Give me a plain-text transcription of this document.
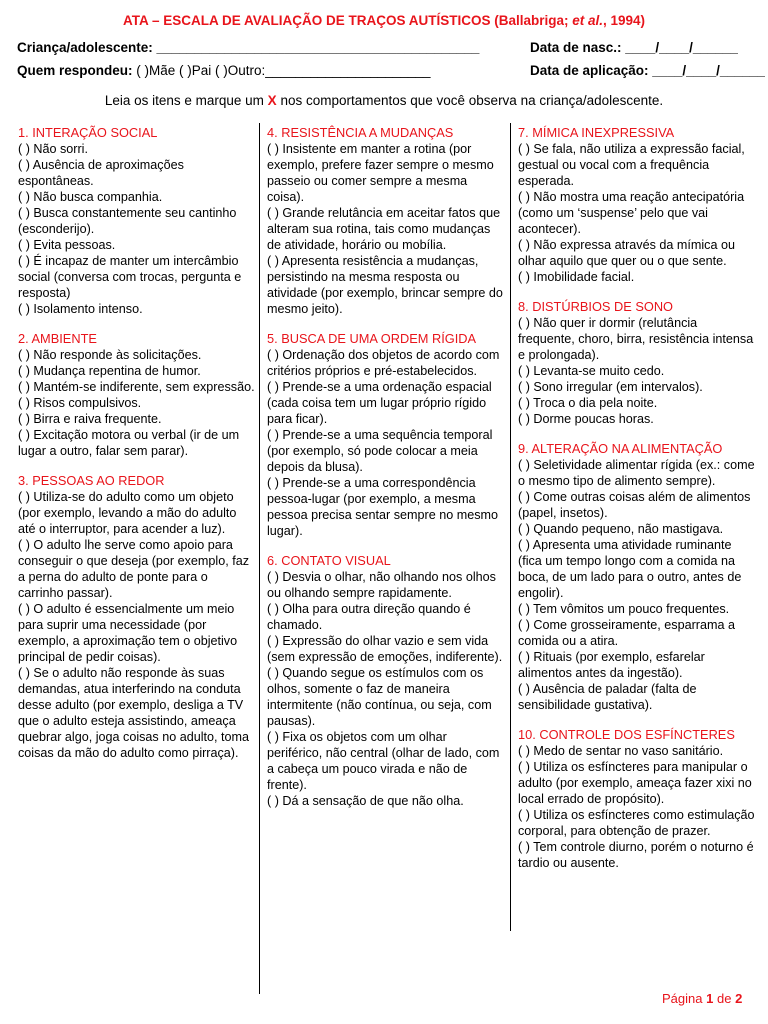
ATA – ESCALA DE AVALIAÇÃO DE TRAÇOS AUTÍSTICOS (Ballabriga; et al., 1994)
Criança/adolescente: ___________________________________________	Data de nasc.: ____/____/______
Quem respondeu: ( )Mãe ( )Pai ( )Outro:______________________	Data de aplicação: ____/____/______
Leia os itens e marque um X nos comportamentos que você observa na criança/adolescente.
1. INTERAÇÃO SOCIAL
( ) Não sorri.
( ) Ausência de aproximações espontâneas.
( ) Não busca companhia.
( ) Busca constantemente seu cantinho (esconderijo).
( ) Evita pessoas.
( ) É incapaz de manter um intercâmbio social (conversa com trocas, pergunta e resposta)
( ) Isolamento intenso.
2. AMBIENTE
( ) Não responde às solicitações.
( ) Mudança repentina de humor.
( ) Mantém-se indiferente, sem expressão.
( ) Risos compulsivos.
( ) Birra e raiva frequente.
( ) Excitação motora ou verbal (ir de um lugar a outro, falar sem parar).
3. PESSOAS AO REDOR
( ) Utiliza-se do adulto como um objeto (por exemplo, levando a mão do adulto até o interruptor, para acender a luz).
( ) O adulto lhe serve como apoio para conseguir o que deseja (por exemplo, faz a perna do adulto de ponte para o carrinho passar).
( ) O adulto é essencialmente um meio para suprir uma necessidade (por exemplo, a aproximação tem o objetivo principal de pedir coisas).
( ) Se o adulto não responde às suas demandas, atua interferindo na conduta desse adulto (por exemplo, desliga a TV que o adulto esteja assistindo, ameaça quebrar algo, joga coisas no adulto, toma coisas da mão do adulto como pirraça).
4. RESISTÊNCIA A MUDANÇAS
( ) Insistente em manter a rotina (por exemplo, prefere fazer sempre o mesmo passeio ou comer sempre a mesma coisa).
( ) Grande relutância em aceitar fatos que alteram sua rotina, tais como mudanças de atividade, horário ou mobília.
( ) Apresenta resistência a mudanças, persistindo na mesma resposta ou atividade (por exemplo, brincar sempre do mesmo jeito).
5. BUSCA DE UMA ORDEM RÍGIDA
( ) Ordenação dos objetos de acordo com critérios próprios e pré-estabelecidos.
( ) Prende-se a uma ordenação espacial (cada coisa tem um lugar próprio rígido para ficar).
( ) Prende-se a uma sequência temporal (por exemplo, só pode colocar a meia depois da blusa).
( ) Prende-se a uma correspondência pessoa-lugar (por exemplo, a mesma pessoa precisa sentar sempre no mesmo lugar).
6. CONTATO VISUAL
( ) Desvia o olhar, não olhando nos olhos ou olhando sempre rapidamente.
( ) Olha para outra direção quando é chamado.
( ) Expressão do olhar vazio e sem vida (sem expressão de emoções, indiferente).
( ) Quando segue os estímulos com os olhos, somente o faz de maneira intermitente (não contínua, ou seja, com pausas).
( ) Fixa os objetos com um olhar periférico, não central (olhar de lado, com a cabeça um pouco virada e não de frente).
( ) Dá a sensação de que não olha.
7. MÍMICA INEXPRESSIVA
( ) Se fala, não utiliza a expressão facial, gestual ou vocal com a frequência esperada.
( ) Não mostra uma reação antecipatória (como um ‘suspense’ pelo que vai acontecer).
( ) Não expressa através da mímica ou olhar aquilo que quer ou o que sente.
( ) Imobilidade facial.
8. DISTÚRBIOS DE SONO
( ) Não quer ir dormir (relutância frequente, choro, birra, resistência intensa e prolongada).
( ) Levanta-se muito cedo.
( ) Sono irregular (em intervalos).
( ) Troca o dia pela noite.
( ) Dorme poucas horas.
9. ALTERAÇÃO NA ALIMENTAÇÃO
( ) Seletividade alimentar rígida (ex.: come o mesmo tipo de alimento sempre).
( ) Come outras coisas além de alimentos (papel, insetos).
( ) Quando pequeno, não mastigava.
( ) Apresenta uma atividade ruminante (fica um tempo longo com a comida na boca, de um lado para o outro, antes de engolir).
( ) Tem vômitos um pouco frequentes.
( ) Come grosseiramente, esparrama a comida ou a atira.
( ) Rituais (por exemplo, esfarelar alimentos antes da ingestão).
( ) Ausência de paladar (falta de sensibilidade gustativa).
10. CONTROLE DOS ESFÍNCTERES
( ) Medo de sentar no vaso sanitário.
( ) Utiliza os esfíncteres para manipular o adulto (por exemplo, ameaça fazer xixi no local errado de propósito).
( ) Utiliza os esfíncteres como estimulação corporal, para obtenção de prazer.
( ) Tem controle diurno, porém o noturno é tardio ou ausente.
Página 1 de 2
